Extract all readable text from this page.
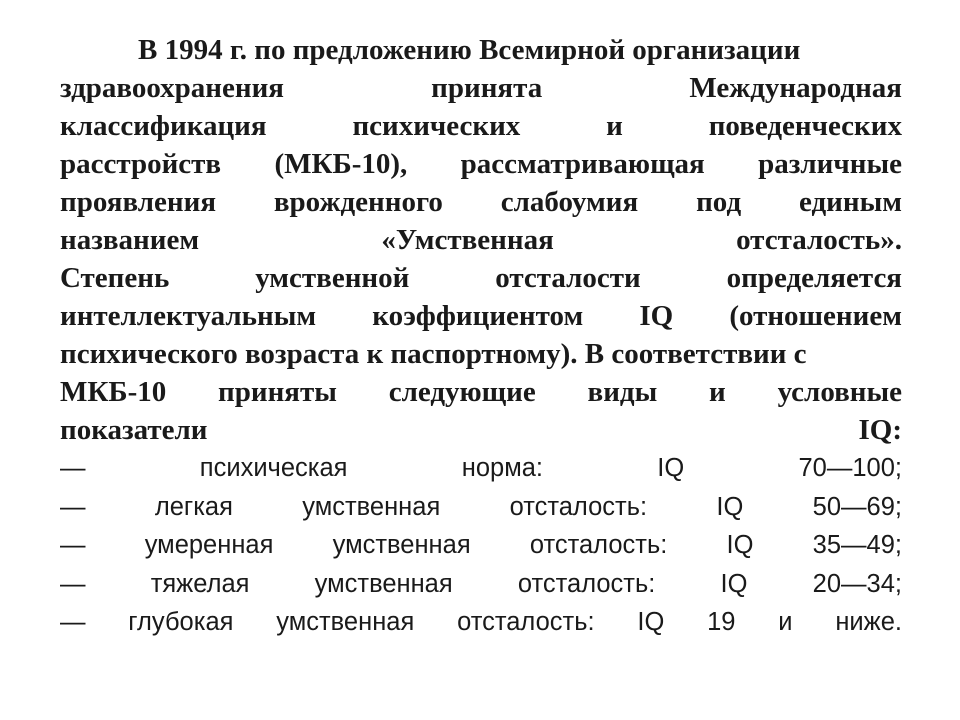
В 1994 г. по предложению Всемирной организации
здравоохранения	принята	Международная
классификация	психических	и	поведенческих
расстройств (МКБ-10), рассматривающая различные
проявления врожденного слабоумия под единым
названием	«Умственная	отсталость».
Степень	умственной	отсталости	определяется
интеллектуальным коэффициентом IQ (отношением
психического возраста к паспортному). В соответствии с
МКБ-10 приняты следующие виды и условные
показатели	IQ:
—	психическая	норма:	IQ	70—100;
—	легкая	умственная	отсталость:	IQ	50—69;
— умеренная умственная отсталость: IQ 35—49;
—	тяжелая	умственная	отсталость:	IQ	20—34;
— глубокая умственная отсталость: IQ 19 и ниже.
